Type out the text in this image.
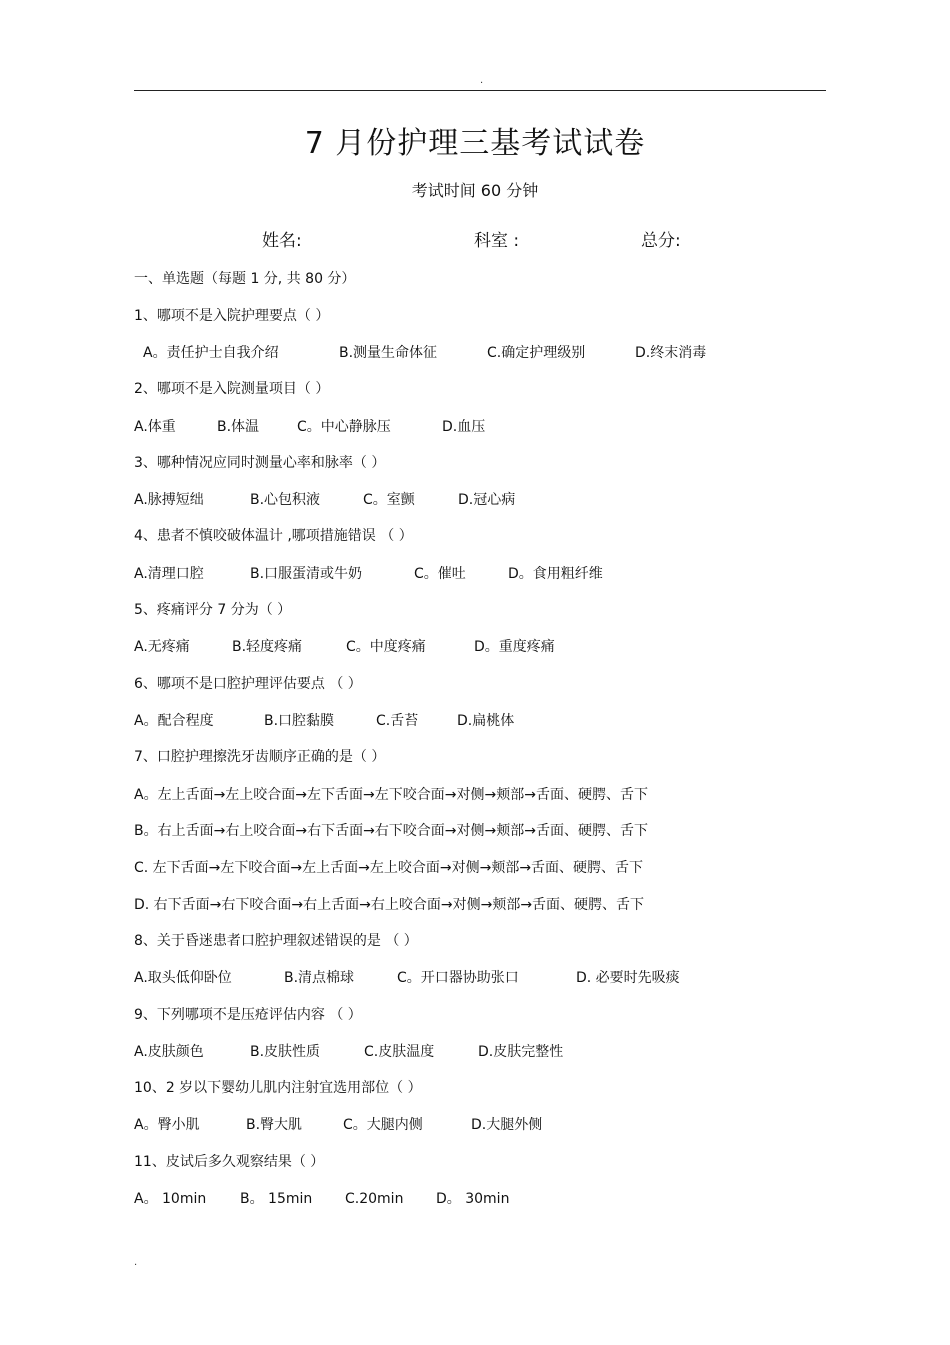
.
7 月份护理三基考试试卷
考试时间 60 分钟
姓名:	科室 :	总分:
一、单选题（每题 1 分, 共 80 分）
1、哪项不是入院护理要点（ ）
A。责任护士自我介绍	B.测量生命体征	C.确定护理级别	D.终末消毒
2、哪项不是入院测量项目（ ）
A.体重	B.体温	C。中心静脉压	D.血压
3、哪种情况应同时测量心率和脉率（ ）
A.脉搏短绌	B.心包积液	C。室颤	D.冠心病
4、患者不慎咬破体温计 ,哪项措施错误 （ ）
A.清理口腔	B.口服蛋清或牛奶	C。催吐	D。食用粗纤维
5、疼痛评分 7 分为（ ）
A.无疼痛	B.轻度疼痛	C。中度疼痛	D。重度疼痛
6、哪项不是口腔护理评估要点 （ ）
A。配合程度	B.口腔黏膜	C.舌苔	D.扁桃体
7、口腔护理擦洗牙齿顺序正确的是（ ）
A。左上舌面→左上咬合面→左下舌面→左下咬合面→对侧→颊部→舌面、硬腭、舌下
B。右上舌面→右上咬合面→右下舌面→右下咬合面→对侧→颊部→舌面、硬腭、舌下
C. 左下舌面→左下咬合面→左上舌面→左上咬合面→对侧→颊部→舌面、硬腭、舌下
D. 右下舌面→右下咬合面→右上舌面→右上咬合面→对侧→颊部→舌面、硬腭、舌下
8、关于昏迷患者口腔护理叙述错误的是 （ ）
A.取头低仰卧位	B.清点棉球	C。开口器协助张口	D. 必要时先吸痰
9、下列哪项不是压疮评估内容 （ ）
A.皮肤颜色	B.皮肤性质	C.皮肤温度	D.皮肤完整性
10、2 岁以下婴幼儿肌内注射宜选用部位（ ）
A。臀小肌	B.臀大肌	C。大腿内侧	D.大腿外侧
11、皮试后多久观察结果（ ）
A。 10min B。 15min C.20min D。 30min
.
